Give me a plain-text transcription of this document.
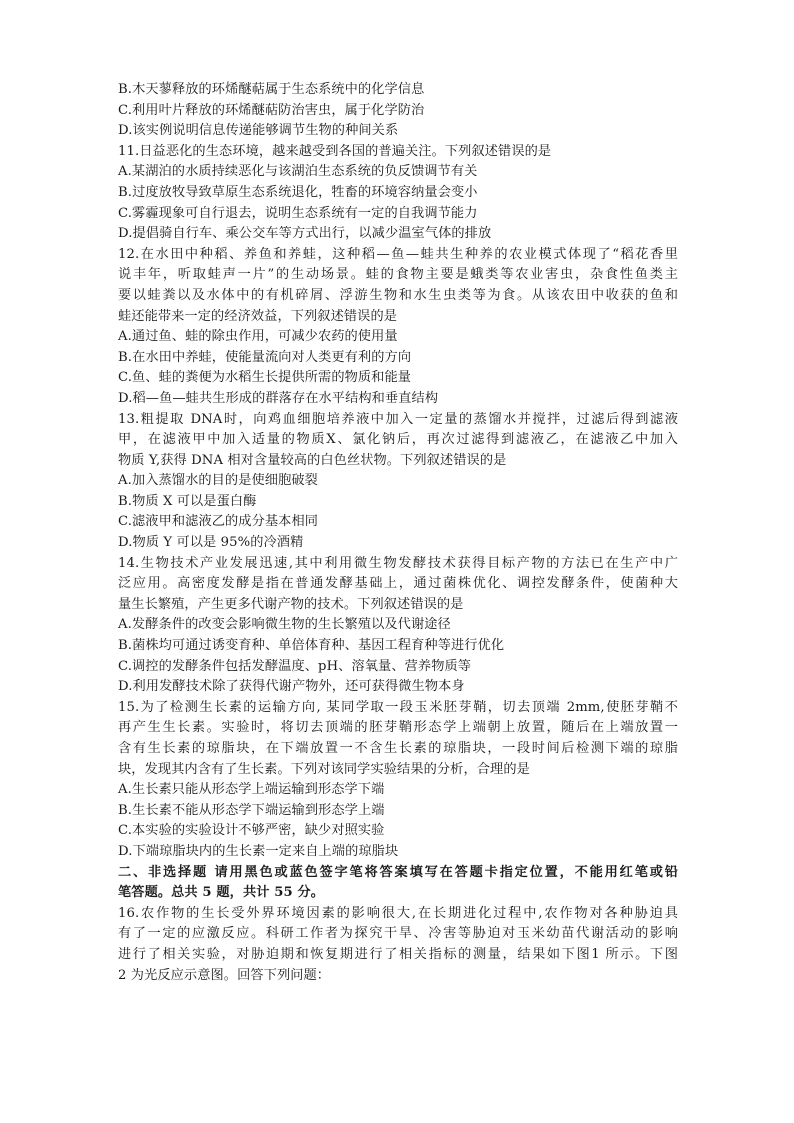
B.木天蓼释放的环烯醚萜属于生态系统中的化学信息
C.利用叶片释放的环烯醚萜防治害虫，属于化学防治
D.该实例说明信息传递能够调节生物的种间关系
11.日益恶化的生态环境，越来越受到各国的普遍关注。下列叙述错误的是
A.某湖泊的水质持续恶化与该湖泊生态系统的负反馈调节有关
B.过度放牧导致草原生态系统退化，牲畜的环境容纳量会变小
C.雾霾现象可自行退去，说明生态系统有一定的自我调节能力
D.提倡骑自行车、乘公交车等方式出行，以减少温室气体的排放
12.在水田中种稻、养鱼和养蛙，这种稻—鱼—蛙共生种养的农业模式体现了“稻花香里
说丰年，听取蛙声一片”的生动场景。蛙的食物主要是蛾类等农业害虫，杂食性鱼类主
要以蛙粪以及水体中的有机碎屑、浮游生物和水生虫类等为食。从该农田中收获的鱼和
蛙还能带来一定的经济效益，下列叙述错误的是
A.通过鱼、蛙的除虫作用，可减少农药的使用量
B.在水田中养蛙，使能量流向对人类更有利的方向
C.鱼、蛙的粪便为水稻生长提供所需的物质和能量
D.稻—鱼—蛙共生形成的群落存在水平结构和垂直结构
13.粗提取 DNA时，向鸡血细胞培养液中加入一定量的蒸馏水并搅拌，过滤后得到滤液
甲，在滤液甲中加入适量的物质X、氯化钠后，再次过滤得到滤液乙，在滤液乙中加入
物质 Y,获得 DNA 相对含量较高的白色丝状物。下列叙述错误的是
A.加入蒸馏水的目的是使细胞破裂
B.物质 X 可以是蛋白酶
C.滤液甲和滤液乙的成分基本相同
D.物质 Y 可以是 95%的冷酒精
14.生物技术产业发展迅速,其中利用微生物发酵技术获得目标产物的方法已在生产中广
泛应用。高密度发酵是指在普通发酵基础上，通过菌株优化、调控发酵条件，使菌种大
量生长繁殖，产生更多代谢产物的技术。下列叙述错误的是
A.发酵条件的改变会影响微生物的生长繁殖以及代谢途径
B.菌株均可通过诱变育种、单倍体育种、基因工程育种等进行优化
C.调控的发酵条件包括发酵温度、pH、溶氧量、营养物质等
D.利用发酵技术除了获得代谢产物外，还可获得微生物本身
15.为了检测生长素的运输方向, 某同学取一段玉米胚芽鞘，切去顶端 2mm,使胚芽鞘不
再产生生长素。实验时，将切去顶端的胚芽鞘形态学上端朝上放置，随后在上端放置一
含有生长素的琼脂块，在下端放置一不含生长素的琼脂块，一段时间后检测下端的琼脂
块，发现其内含有了生长素。下列对该同学实验结果的分析，合理的是
A.生长素只能从形态学上端运输到形态学下端
B.生长素不能从形态学下端运输到形态学上端
C.本实验的实验设计不够严密，缺少对照实验
D.下端琼脂块内的生长素一定来自上端的琼脂块
二、非选择题 请用黑色或蓝色签字笔将答案填写在答题卡指定位置，不能用红笔或铅
笔答题。总共 5 题，共计 55 分。
16.农作物的生长受外界环境因素的影响很大,在长期进化过程中,农作物对各种胁迫具
有了一定的应激反应。科研工作者为探究干旱、冷害等胁迫对玉米幼苗代谢活动的影响
进行了相关实验，对胁迫期和恢复期进行了相关指标的测量，结果如下图1 所示。下图
2 为光反应示意图。回答下列问题：
